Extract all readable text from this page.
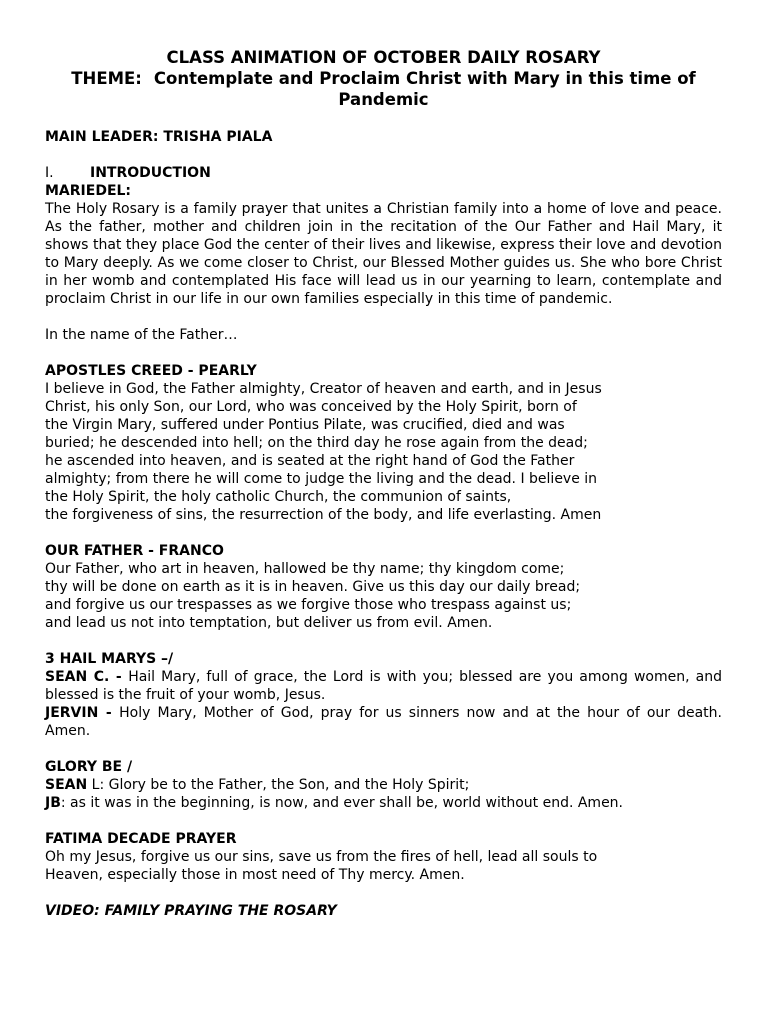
CLASS ANIMATION OF OCTOBER DAILY ROSARY
THEME: Contemplate and Proclaim Christ with Mary in this time of
Pandemic
MAIN LEADER: TRISHA PIALA
I.	INTRODUCTION
MARIEDEL:

The Holy Rosary is a family prayer that unites a Christian family into a home of love and peace. As the father, mother and children join in the recitation of the Our Father and Hail Mary, it shows that they place God the center of their lives and likewise, express their love and devotion to Mary deeply. As we come closer to Christ, our Blessed Mother guides us. She who bore Christ in her womb and contemplated His face will lead us in our yearning to learn, contemplate and proclaim Christ in our life in our own families especially in this time of pandemic.

In the name of the Father…
APOSTLES CREED - PEARLY
I believe in God, the Father almighty, Creator of heaven and earth, and in Jesus
Christ, his only Son, our Lord, who was conceived by the Holy Spirit, born of
the Virgin Mary, suffered under Pontius Pilate, was crucified, died and was
buried; he descended into hell; on the third day he rose again from the dead;
he ascended into heaven, and is seated at the right hand of God the Father
almighty; from there he will come to judge the living and the dead. I believe in
the Holy Spirit, the holy catholic Church, the communion of saints,
the forgiveness of sins, the resurrection of the body, and life everlasting. Amen
OUR FATHER - FRANCO
Our Father, who art in heaven, hallowed be thy name; thy kingdom come;
thy will be done on earth as it is in heaven. Give us this day our daily bread;
and forgive us our trespasses as we forgive those who trespass against us;
and lead us not into temptation, but deliver us from evil. Amen.
3 HAIL MARYS –/

SEAN C. - Hail Mary, full of grace, the Lord is with you; blessed are you among women, and blessed is the fruit of your womb, Jesus.

JERVIN - Holy Mary, Mother of God, pray for us sinners now and at the hour of our death. Amen.

GLORY BE /
SEAN L: Glory be to the Father, the Son, and the Holy Spirit;
JB: as it was in the beginning, is now, and ever shall be, world without end. Amen.
FATIMA DECADE PRAYER
Oh my Jesus, forgive us our sins, save us from the fires of hell, lead all souls to
Heaven, especially those in most need of Thy mercy. Amen.
VIDEO: FAMILY PRAYING THE ROSARY
